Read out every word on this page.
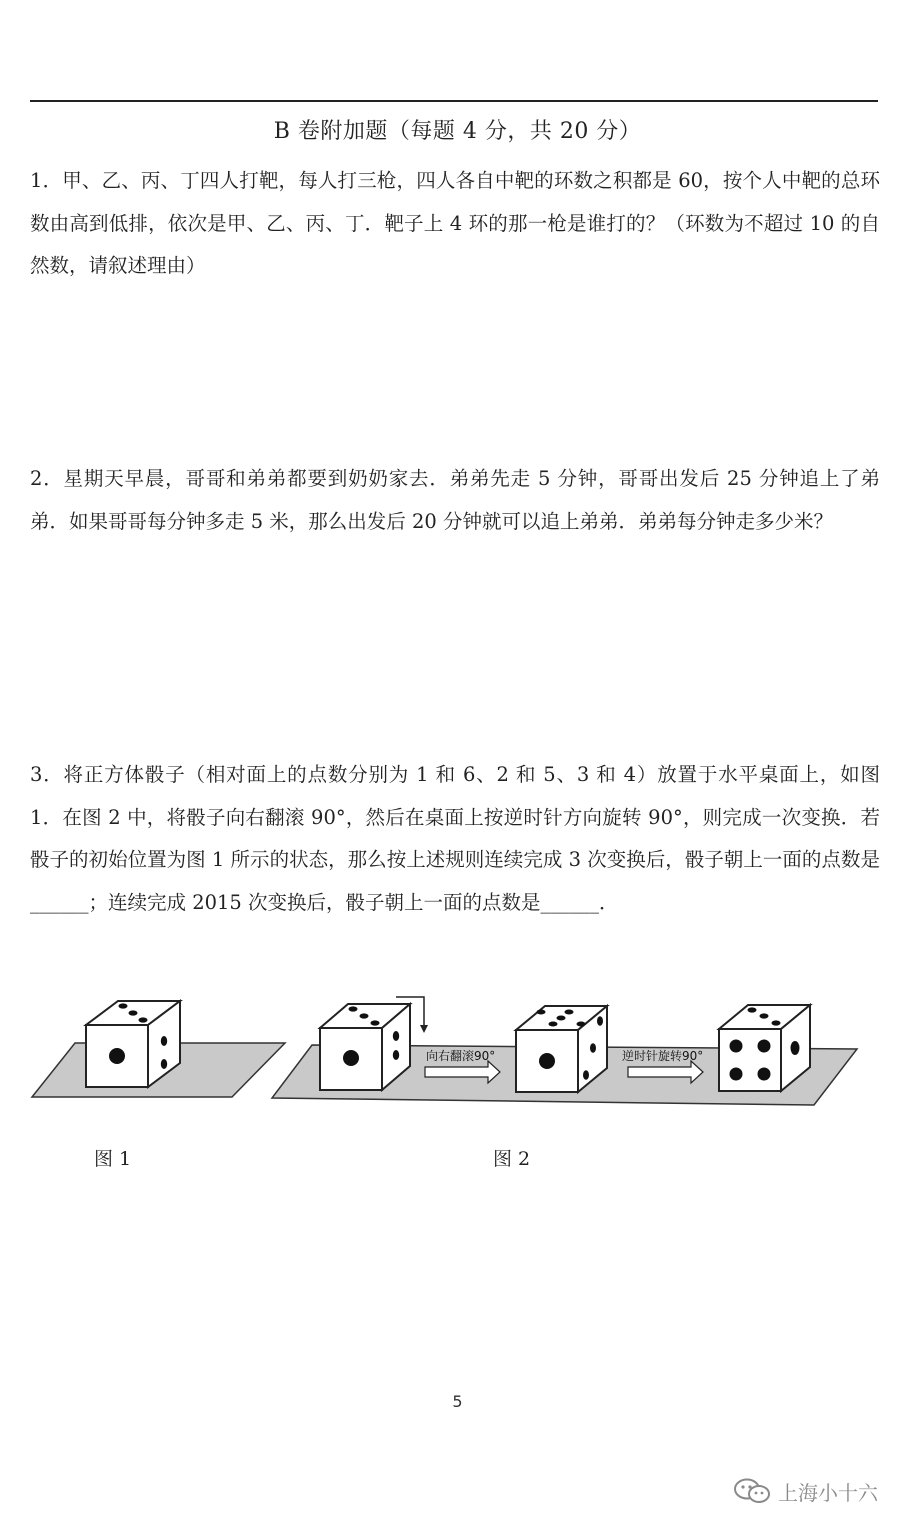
B 卷附加题（每题 4 分，共 20 分）
1．甲、乙、丙、丁四人打靶，每人打三枪，四人各自中靶的环数之积都是 60，按个人中靶的总环数由高到低排，依次是甲、乙、丙、丁．靶子上 4 环的那一枪是谁打的？（环数为不超过 10 的自然数，请叙述理由）
2．星期天早晨，哥哥和弟弟都要到奶奶家去．弟弟先走 5 分钟，哥哥出发后 25 分钟追上了弟弟．如果哥哥每分钟多走 5 米，那么出发后 20 分钟就可以追上弟弟．弟弟每分钟走多少米？
3．将正方体骰子（相对面上的点数分别为 1 和 6、2 和 5、3 和 4）放置于水平桌面上，如图 1．在图 2 中，将骰子向右翻滚 90°，然后在桌面上按逆时针方向旋转 90°，则完成一次变换．若骰子的初始位置为图 1 所示的状态，那么按上述规则连续完成 3 次变换后，骰子朝上一面的点数是______；连续完成 2015 次变换后，骰子朝上一面的点数是______．
向右翻滚90°	逆时针旋转90°
图 1	图 2
5
上海小十六
